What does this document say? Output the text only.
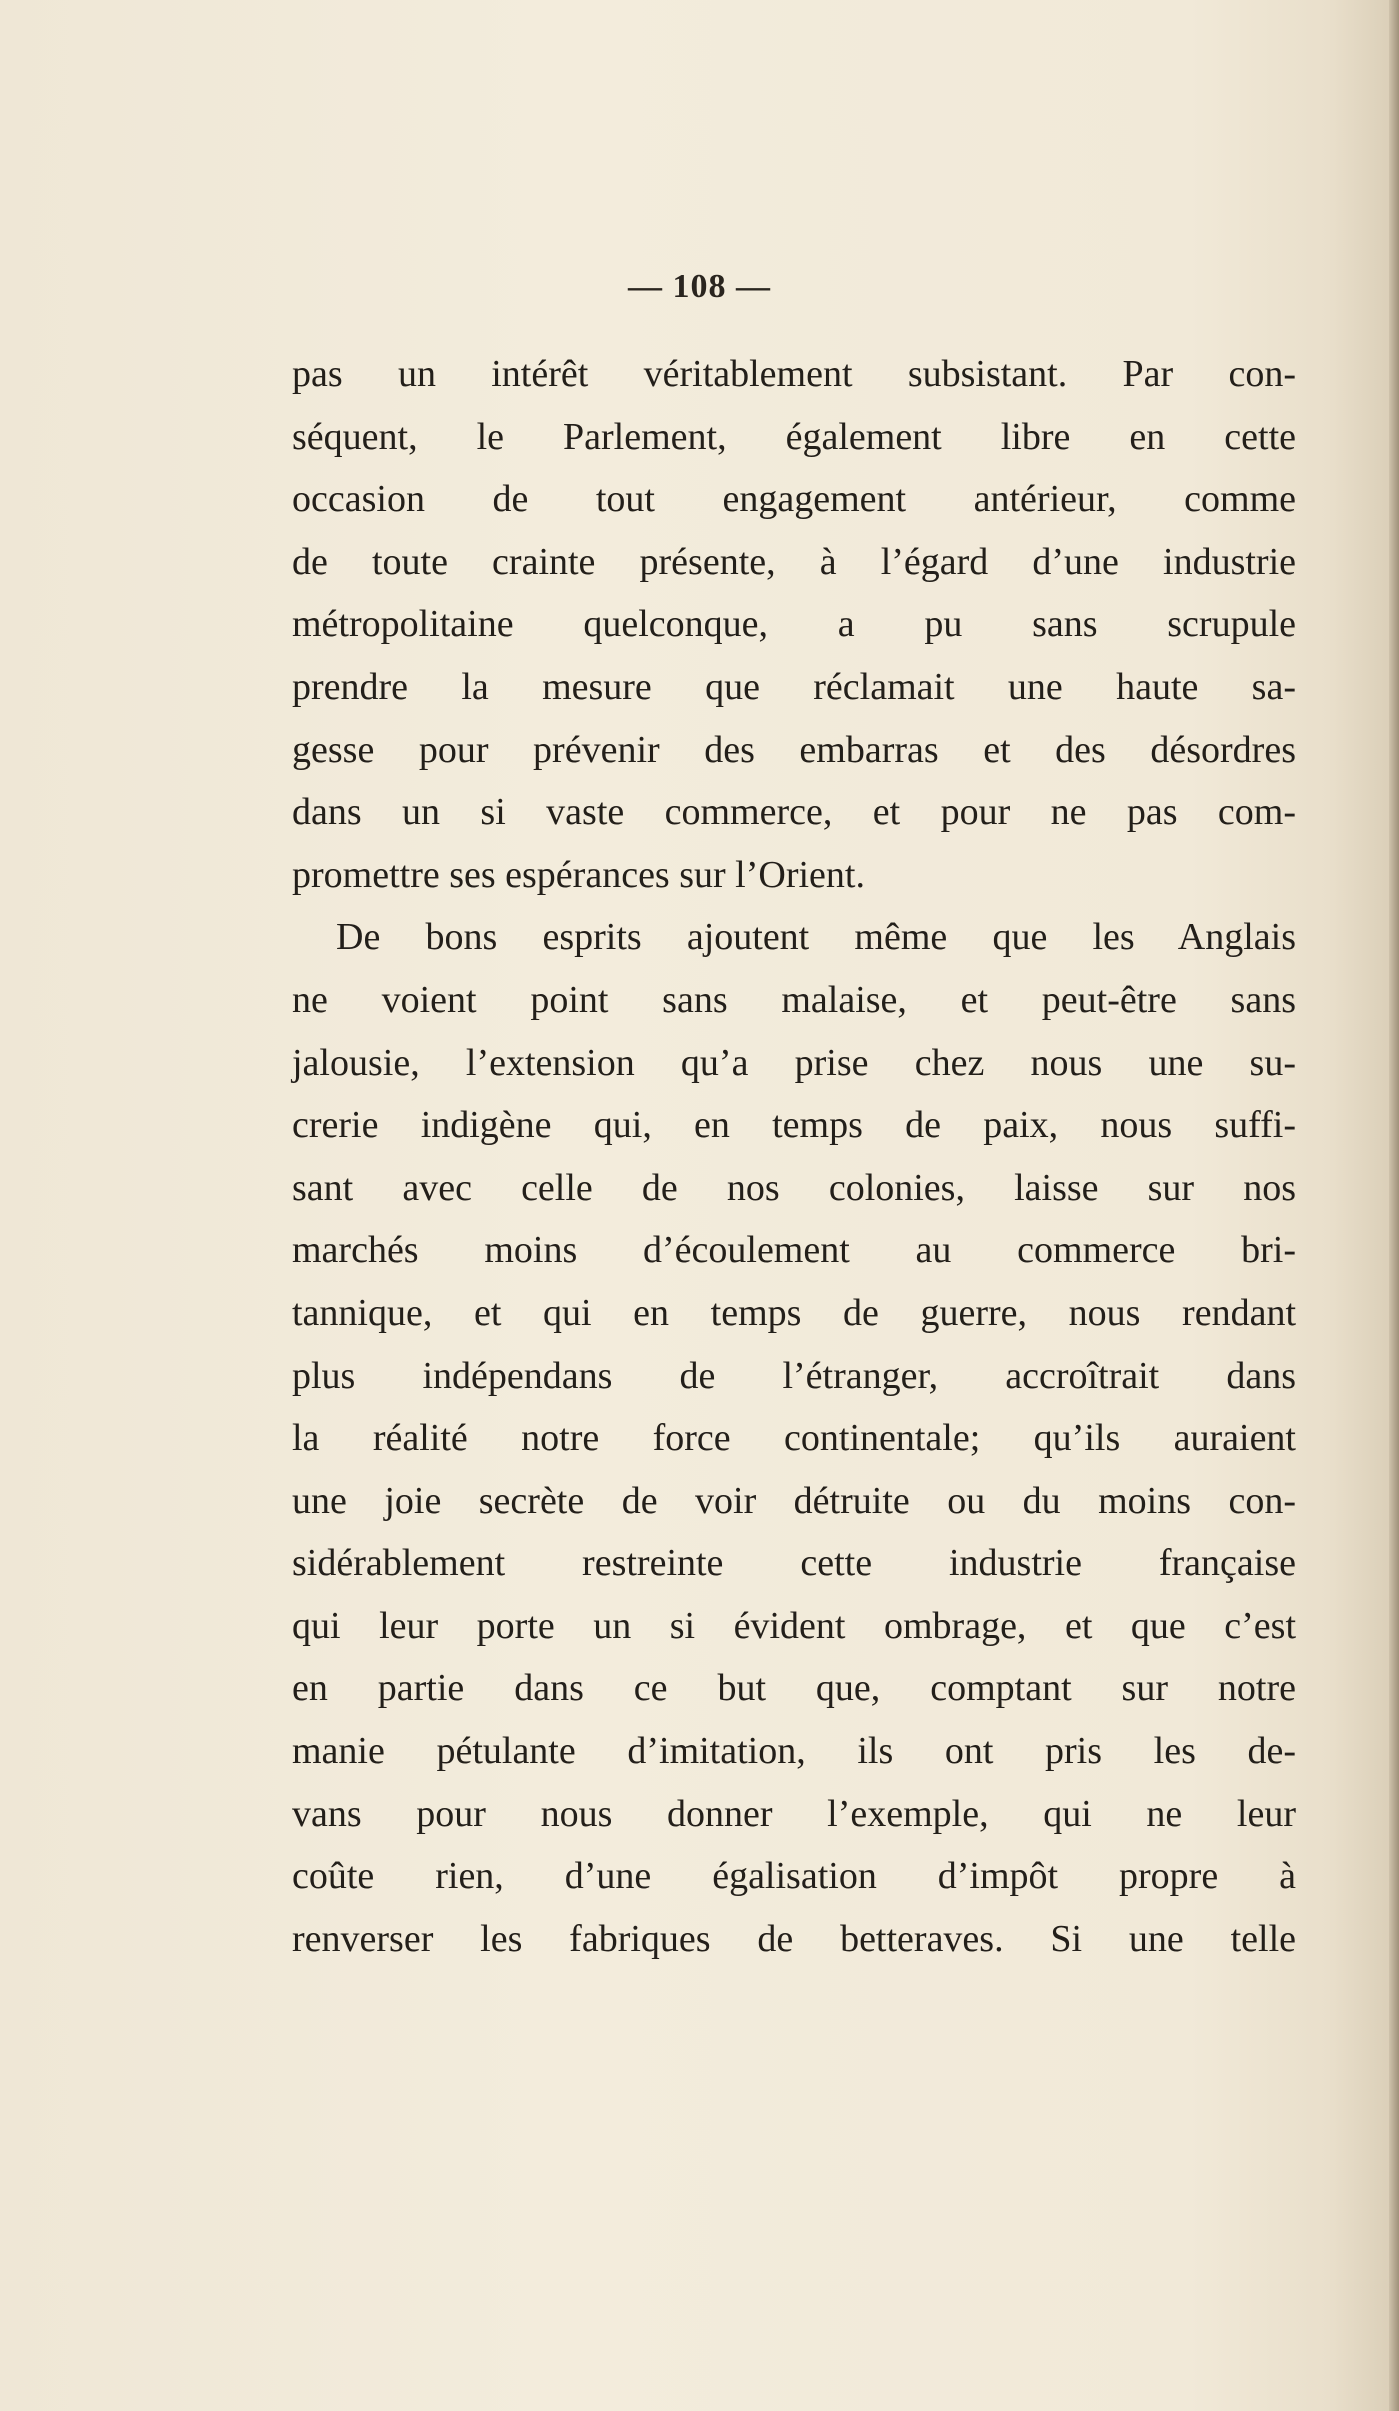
— 108 —
pas un intérêt véritablement subsistant. Par con-
séquent, le Parlement, également libre en cette
occasion de tout engagement antérieur, comme
de toute crainte présente, à l’égard d’une industrie
métropolitaine quelconque, a pu sans scrupule
prendre la mesure que réclamait une haute sa-
gesse pour prévenir des embarras et des désordres
dans un si vaste commerce, et pour ne pas com-
promettre ses espérances sur l’Orient.
De bons esprits ajoutent même que les Anglais
ne voient point sans malaise, et peut-être sans
jalousie, l’extension qu’a prise chez nous une su-
crerie indigène qui, en temps de paix, nous suffi-
sant avec celle de nos colonies, laisse sur nos
marchés moins d’écoulement au commerce bri-
tannique, et qui en temps de guerre, nous rendant
plus indépendans de l’étranger, accroîtrait dans
la réalité notre force continentale; qu’ils auraient
une joie secrète de voir détruite ou du moins con-
sidérablement restreinte cette industrie française
qui leur porte un si évident ombrage, et que c’est
en partie dans ce but que, comptant sur notre
manie pétulante d’imitation, ils ont pris les de-
vans pour nous donner l’exemple, qui ne leur
coûte rien, d’une égalisation d’impôt propre à
renverser les fabriques de betteraves. Si une telle
